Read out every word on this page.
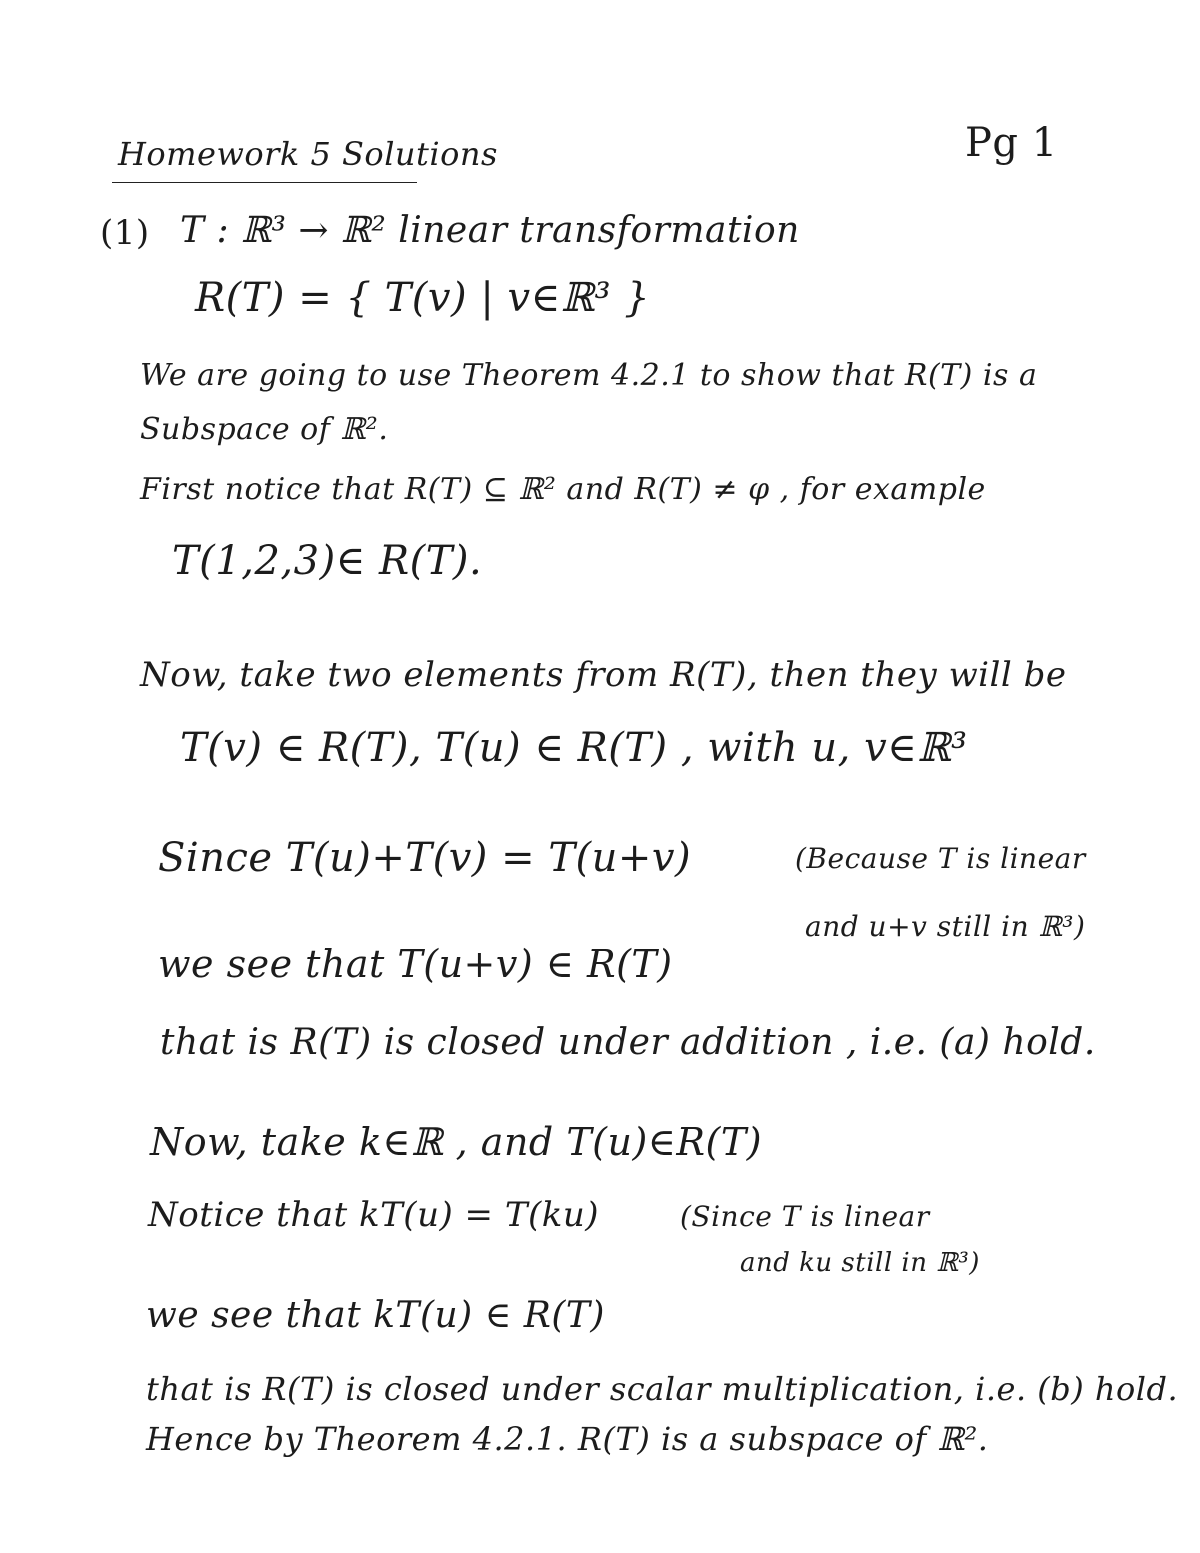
Homework 5 Solutions	Pg 1
(1) T : ℝ³ → ℝ² linear transformation
R(T) = { T(v) | v∈ℝ³ }
We are going to use Theorem 4.2.1 to show that R(T) is a
Subspace of ℝ².
First notice that R(T) ⊆ ℝ² and R(T) ≠ φ , for example
T(1,2,3)∈ R(T).
Now, take two elements from R(T), then they will be
T(v) ∈ R(T), T(u) ∈ R(T) , with u, v∈ℝ³
Since T(u)+T(v) = T(u+v)	(Because T is linear
and u+v still in ℝ³)
we see that T(u+v) ∈ R(T)
that is R(T) is closed under addition , i.e. (a) hold.
Now, take k∈ℝ , and T(u)∈R(T)
Notice that kT(u) = T(ku)	(Since T is linear
and ku still in ℝ³)
we see that kT(u) ∈ R(T)
that is R(T) is closed under scalar multiplication, i.e. (b) hold.
Hence by Theorem 4.2.1. R(T) is a subspace of ℝ².
